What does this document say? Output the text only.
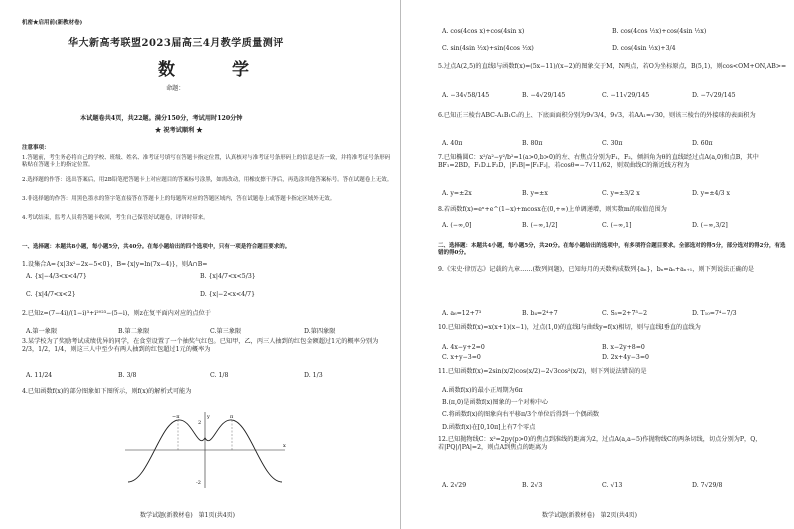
机密★启用前(新教材卷)
华大新高考联盟2023届高三4月教学质量测评
数　学
命题：
本试题卷共4页，共22题。满分150分，考试用时120分钟
★ 祝考试顺利 ★
注意事项：
1.答题前，考生务必将自己的学校、班级、姓名、准考证号填写在答题卡指定位置，认真核对与准考证号条形码上的信息是否一致，并将准考证号条形码粘贴在答题卡上的指定位置。
2.选择题的作答：选出答案后，用2B铅笔把答题卡上对应题目的答案标号涂黑，如需改动，用橡皮擦干净后，再选涂其他答案标号。答在试题卷上无效。
3.非选择题的作答：用黑色墨水的签字笔直接答在答题卡上的每题所对应的答题区域内，答在试题卷上或答题卡指定区域外无效。
4.考试结束，监考人员将答题卡收回，考生自己保管好试题卷，评讲时带来。
一、选择题：本题共8小题，每小题5分，共40分。在每小题给出的四个选项中，只有一项是符合题目要求的。
1.设集合A={x|3x²−2x−5<0}，B={x|y=ln(7x−4)}，则A∩B=
A. {x|−4/3<x<4/7}	B. {x|4/7<x<5/3}
C. {x|4/7<x<2}	D. {x|−2<x<4/7}
2.已知z=(7−4i)/(1−i)³+i²⁰²³−(5−i)，则z在复平面内对应的点位于
A.第一象限	B.第二象限	C.第三象限	D.第四象限
3.某学校为了奖励考试成绩优异的同学，在食堂设置了一个抽奖气红包。已知甲，乙，丙三人抽到的红包金额超过1元的概率分别为2/3，1/2，1/4，则这三人中至少有两人抽到的红包超过1元的概率为
A. 11/24	B. 3/8	C. 1/8	D. 1/3
4.已知函数f(x)的部分图象如下图所示，则f(x)的解析式可能为
y
x
2
-2
−π	π
数学试题(新教材卷)　第1页(共4页)
A. cos(4cos x)+cos(4sin x)	B. cos(4cos ½x)+cos(4sin ½x)
C. sin(4sin ½x)+sin(4cos ½x)	D. cos(4sin ½x)+3/4
5.过点A(2,5)的直线l与函数f(x)=(5x−11)/(x−2)的图象交于M，N两点，若O为坐标原点，B(5,1)，则cos<OM+ON,AB>=
A. −34√58/145	B. −4√29/145	C. −11√29/145	D. −7√29/145
6.已知正三棱台ABC-A₁B₁C₁的上、下底面面积分别为9√3/4，9√3，若AA₁=√30，则该三棱台的外接球的表面积为
A. 40π	B. 80π	C. 30π	D. 60π
7.已知椭圆C：x²/a²−y²/b²=1(a>0,b>0)的左、右焦点分别为F₁，F₂，倾斜角为θ的直线l经过点A(a,0)和点B，其中BF₁=2BD，F₁D⊥F₂D，|F₁B|=|F₁F₂|，若cosθ=−7√11/62，则双曲线C的渐近线方程为
A. y=±2x	B. y=±x	C. y=±3/2 x	D. y=±4/3 x
8.若函数f(x)=eˣ+e^(1−x)+mcosx在(0,+∞)上单调递增，则实数m的取值范围为
A. (−∞,0]	B. (−∞,1/2]	C. (−∞,1]	D. (−∞,3/2]
二、选择题：本题共4小题，每小题5分，共20分。在每小题给出的选项中，有多项符合题目要求。全部选对的得5分，部分选对的得2分，有选错的得0分。
9.《宋史·律历志》记载的九章……(数列问题)，已知每月的天数构成数列{aₙ}，bₙ=aₙ+aₙ₊₁，则下列说法正确的是
A. a₆=12+7³	B. b₄=2⁴+7	C. S₅=2+7³−2	D. T₁₀=7⁴−7/3
10.已知函数f(x)=x(x+1)(x−1)，过点(1,0)的直线l与曲线y=f(x)相切，则与直线l垂直的直线为
A. 4x−y+2=0	B. x−2y+8=0
C. x+y−3=0	D. 2x+4y−3=0
11.已知函数f(x)=2sin(x/2)cos(x/2)−2√3cos²(x/2)，则下列说法错误的是
A.函数f(x)的最小正周期为6π
B.(π,0)是函数f(x)图象的一个对称中心
C.将函数f(x)的图象向右平移π/3个单位后得到一个偶函数
D.函数f(x)在[0,10π]上有7个零点
12.已知抛物线C：x²=2py(p>0)的焦点到准线的距离为2，过点A(a,a−5)作抛物线C的两条切线，切点分别为P，Q，若|PQ|/|PA|=2，则点A到焦点的距离为
A. 2√29	B. 2√3	C. √13	D. 7√29/8
数学试题(新教材卷)　第2页(共4页)
